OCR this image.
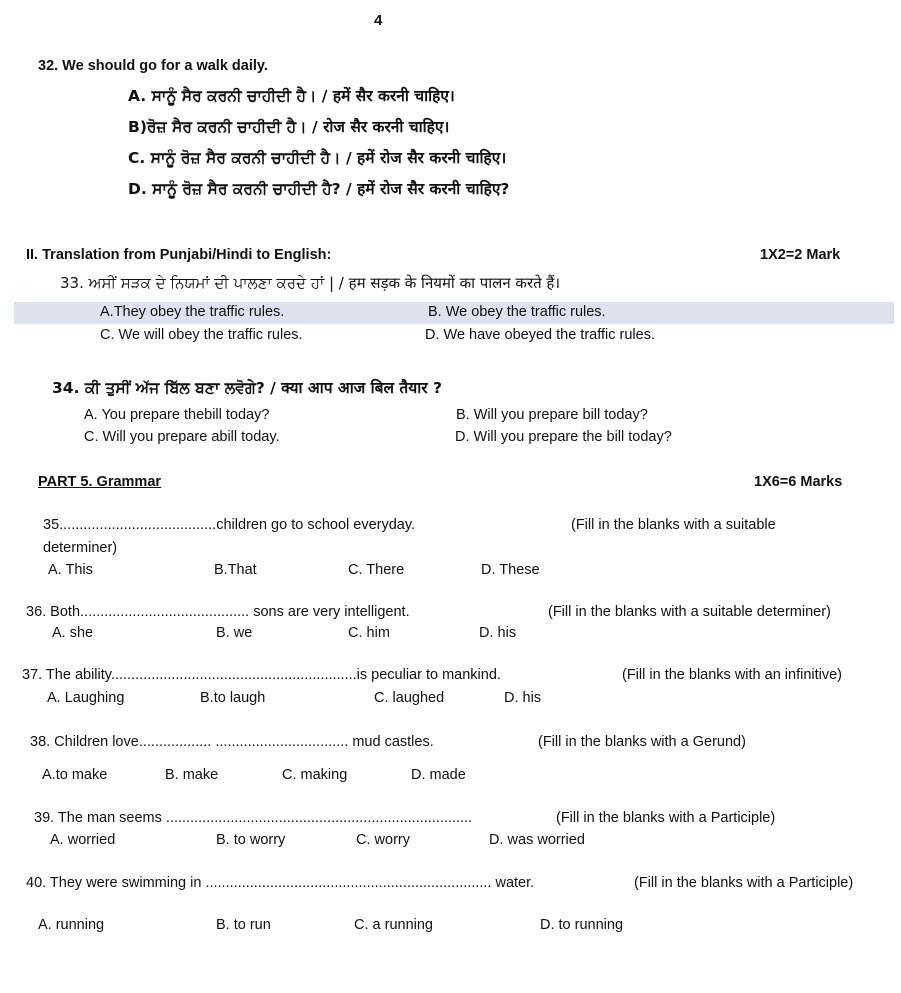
4
32. We should go for a walk daily.
A. ਸਾਨੂੰ ਸੈਰ ਕਰਨੀ ਚਾਹੀਦੀ ਹੈ। / हमें सैर करनी चाहिए।
B)ਰੋਜ਼ ਸੈਰ ਕਰਨੀ ਚਾਹੀਦੀ ਹੈ। / रोज सैर करनी चाहिए।
C. ਸਾਨੂੰ ਰੋਜ਼ ਸੈਰ ਕਰਨੀ ਚਾਹੀਦੀ ਹੈ। / हमें रोज सैर करनी चाहिए।
D. ਸਾਨੂੰ ਰੋਜ਼ ਸੈਰ ਕਰਨੀ ਚਾਹੀਦੀ ਹੈ? / हमें रोज सैर करनी चाहिए?
II. Translation from Punjabi/Hindi to English:	1X2=2 Mark
33. ਅਸੀਂ ਸੜਕ ਦੇ ਨਿਯਮਾਂ ਦੀ ਪਾਲਣਾ ਕਰਦੇ ਹਾਂ | / हम सड़क के नियमों का पालन करते हैं।
A.They obey the traffic rules.	B. We obey the traffic rules.
C. We will obey the traffic rules.	D. We have obeyed the traffic rules.
34. ਕੀ ਤੁਸੀਂ ਅੱਜ ਬਿੱਲ ਬਣਾ ਲਵੋਗੇ? / क्या आप आज बिल तैयार ?
A. You prepare thebill today?	B. Will you prepare bill today?
C. Will you prepare abill today.	D. Will you prepare the bill today?
PART 5. Grammar	1X6=6 Marks
35.......................................children go to school everyday.	(Fill in the blanks with a suitable
determiner)
A. This	B.That	C. There	D. These
36. Both.......................................... sons are very intelligent.	(Fill in the blanks with a suitable determiner)
A. she	B. we	C. him	D. his
37. The ability.............................................................is peculiar to mankind.	(Fill in the blanks with an infinitive)
A. Laughing	B.to laugh	C. laughed	D. his
38. Children love.................. ................................. mud castles.	(Fill in the blanks with a Gerund)
A.to make	B. make	C. making	D. made
39. The man seems ............................................................................	(Fill in the blanks with a Participle)
A. worried	B. to worry	C. worry	D. was worried
40. They were swimming in ....................................................................... water.	(Fill in the blanks with a Participle)
A. running	B. to run	C. a running	D. to running
